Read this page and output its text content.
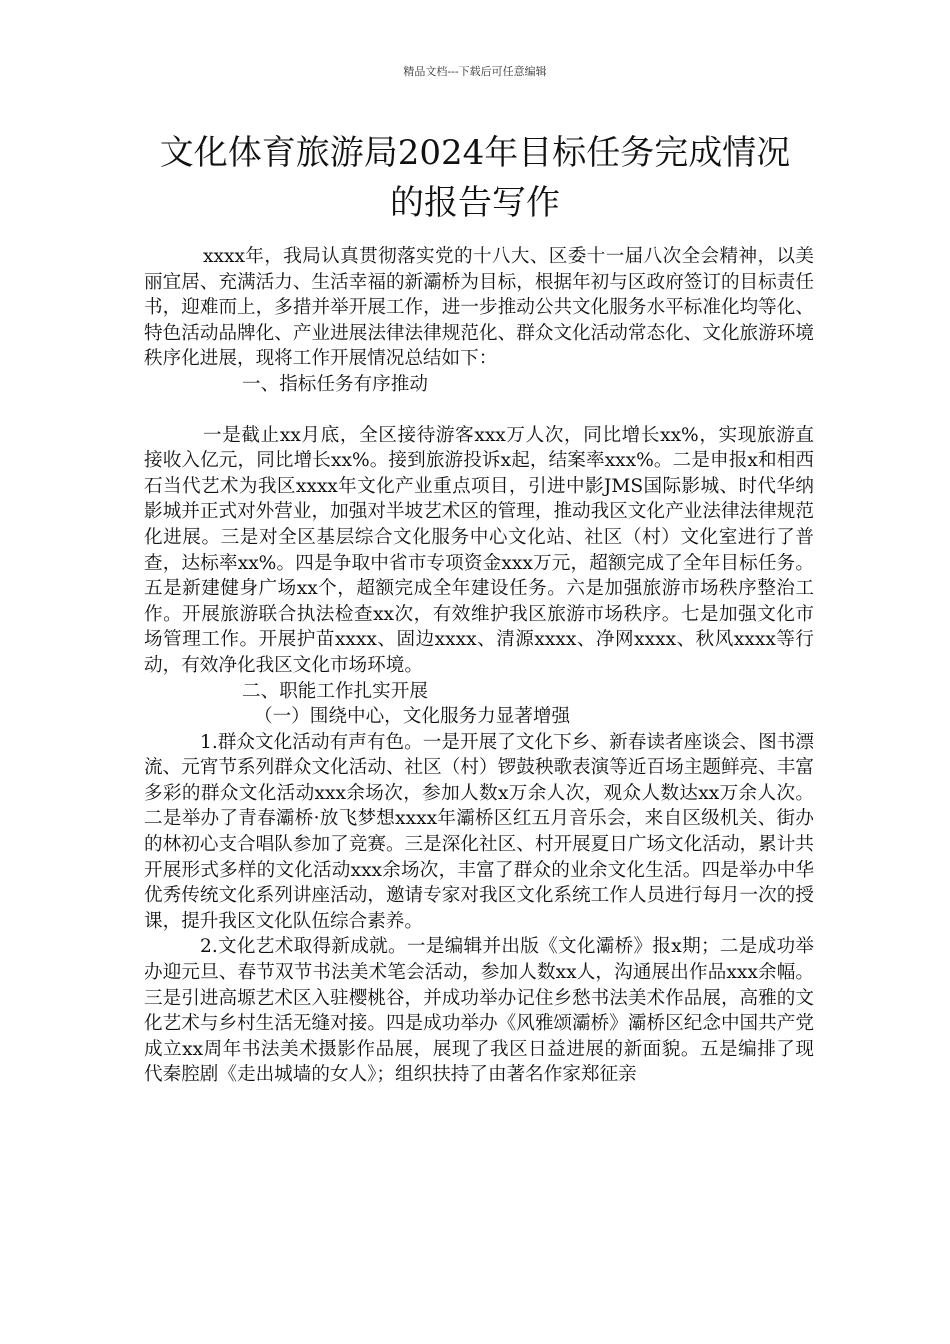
精品文档---下载后可任意编辑
文化体育旅游局2024年目标任务完成情况
的报告写作

xxxx年，我局认真贯彻落实党的十八大、区委十一届八次全会精神，以美丽宜居、充满活力、生活幸福的新灞桥为目标，根据年初与区政府签订的目标责任书，迎难而上，多措并举开展工作，进一步推动公共文化服务水平标准化均等化、特色活动品牌化、产业进展法律法律规范化、群众文化活动常态化、文化旅游环境秩序化进展，现将工作开展情况总结如下：

一、指标任务有序推动

一是截止xx月底，全区接待游客xxx万人次，同比增长xx%，实现旅游直接收入亿元，同比增长xx%。接到旅游投诉x起，结案率xxx%。二是申报x和相西石当代艺术为我区xxxx年文化产业重点项目，引进中影JMS国际影城、时代华纳影城并正式对外营业，加强对半坡艺术区的管理，推动我区文化产业法律法律规范化进展。三是对全区基层综合文化服务中心文化站、社区（村）文化室进行了普查，达标率xx%。四是争取中省市专项资金xxx万元，超额完成了全年目标任务。五是新建健身广场xx个，超额完成全年建设任务。六是加强旅游市场秩序整治工作。开展旅游联合执法检查xx次，有效维护我区旅游市场秩序。七是加强文化市场管理工作。开展护苗xxxx、固边xxxx、清源xxxx、净网xxxx、秋风xxxx等行动，有效净化我区文化市场环境。

二、职能工作扎实开展

（一）围绕中心，文化服务力显著增强

1.群众文化活动有声有色。一是开展了文化下乡、新春读者座谈会、图书漂流、元宵节系列群众文化活动、社区（村）锣鼓秧歌表演等近百场主题鲜亮、丰富多彩的群众文化活动xxx余场次，参加人数x万余人次，观众人数达xx万余人次。二是举办了青春灞桥·放飞梦想xxxx年灞桥区红五月音乐会，来自区级机关、街办的林初心支合唱队参加了竞赛。三是深化社区、村开展夏日广场文化活动，累计共开展形式多样的文化活动xxx余场次，丰富了群众的业余文化生活。四是举办中华优秀传统文化系列讲座活动，邀请专家对我区文化系统工作人员进行每月一次的授课，提升我区文化队伍综合素养。

2.文化艺术取得新成就。一是编辑并出版《文化灞桥》报x期；二是成功举办迎元旦、春节双节书法美术笔会活动，参加人数xx人，沟通展出作品xxx余幅。三是引进高塬艺术区入驻樱桃谷，并成功举办记住乡愁书法美术作品展，高雅的文化艺术与乡村生活无缝对接。四是成功举办《风雅颂灞桥》灞桥区纪念中国共产党成立xx周年书法美术摄影作品展，展现了我区日益进展的新面貌。五是编排了现代秦腔剧《走出城墙的女人》；组织扶持了由著名作家郑征亲
